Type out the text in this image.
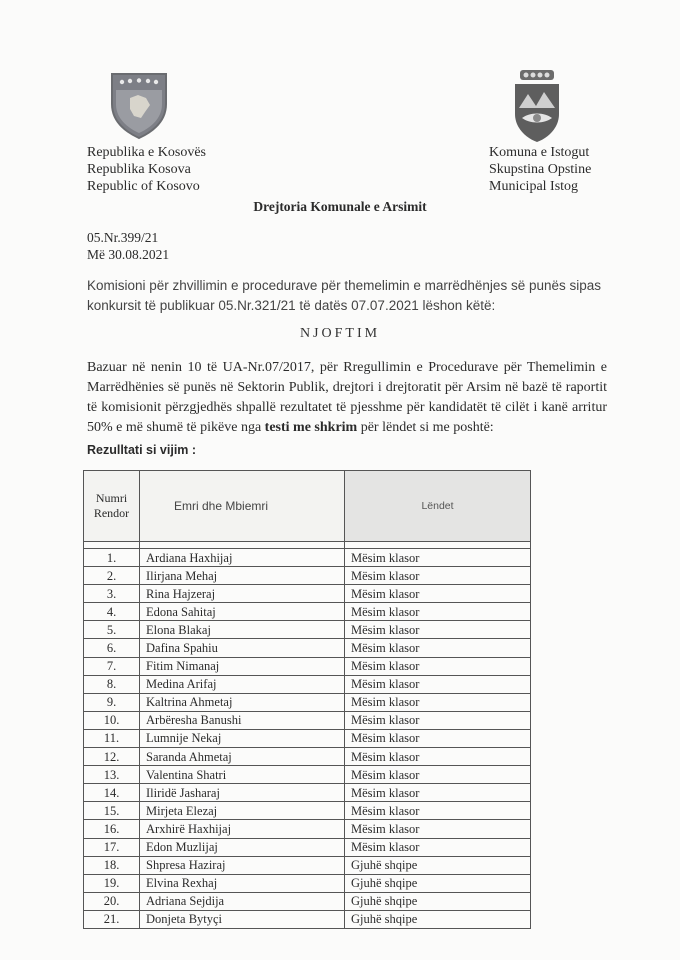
Republika e Kosovës
Republika Kosova
Republic of Kosovo
Komuna e Istogut
Skupstina Opstine
Municipal Istog
Drejtoria Komunale e Arsimit
05.Nr.399/21
Më 30.08.2021
Komisioni për zhvillimin e procedurave për themelimin e marrëdhënjes së punës sipas konkursit të publikuar 05.Nr.321/21 të datës 07.07.2021 lëshon këtë:
NJOFTIM
Bazuar në nenin 10 të UA-Nr.07/2017, për Rregullimin e Procedurave për Themelimin e Marrëdhënies së punës në Sektorin Publik, drejtori i drejtoratit për Arsim në bazë të raportit të komisionit përzgjedhës shpallë rezultatet të pjesshme për kandidatët të cilët i kanë arritur 50% e më shumë të pikëve nga testi me shkrim për lëndet si me poshtë:
Rezulltati si vijim :
Numri
Rendor	Emri dhe Mbiemri	Lëndet

1.	Ardiana Haxhijaj	Mësim klasor
2.	Ilirjana Mehaj	Mësim klasor
3.	Rina Hajzeraj	Mësim klasor
4.	Edona Sahitaj	Mësim klasor
5.	Elona Blakaj	Mësim klasor
6.	Dafina Spahiu	Mësim klasor
7.	Fitim Nimanaj	Mësim klasor
8.	Medina Arifaj	Mësim klasor
9.	Kaltrina Ahmetaj	Mësim klasor
10.	Arbëresha Banushi	Mësim klasor
11.	Lumnije Nekaj	Mësim klasor
12.	Saranda Ahmetaj	Mësim klasor
13.	Valentina Shatri	Mësim klasor
14.	Iliridë Jasharaj	Mësim klasor
15.	Mirjeta Elezaj	Mësim klasor
16.	Arxhirë Haxhijaj	Mësim klasor
17.	Edon Muzlijaj	Mësim klasor
18.	Shpresa Haziraj	Gjuhë shqipe
19.	Elvina Rexhaj	Gjuhë shqipe
20.	Adriana Sejdija	Gjuhë shqipe
21.	Donjeta Bytyçi	Gjuhë shqipe
